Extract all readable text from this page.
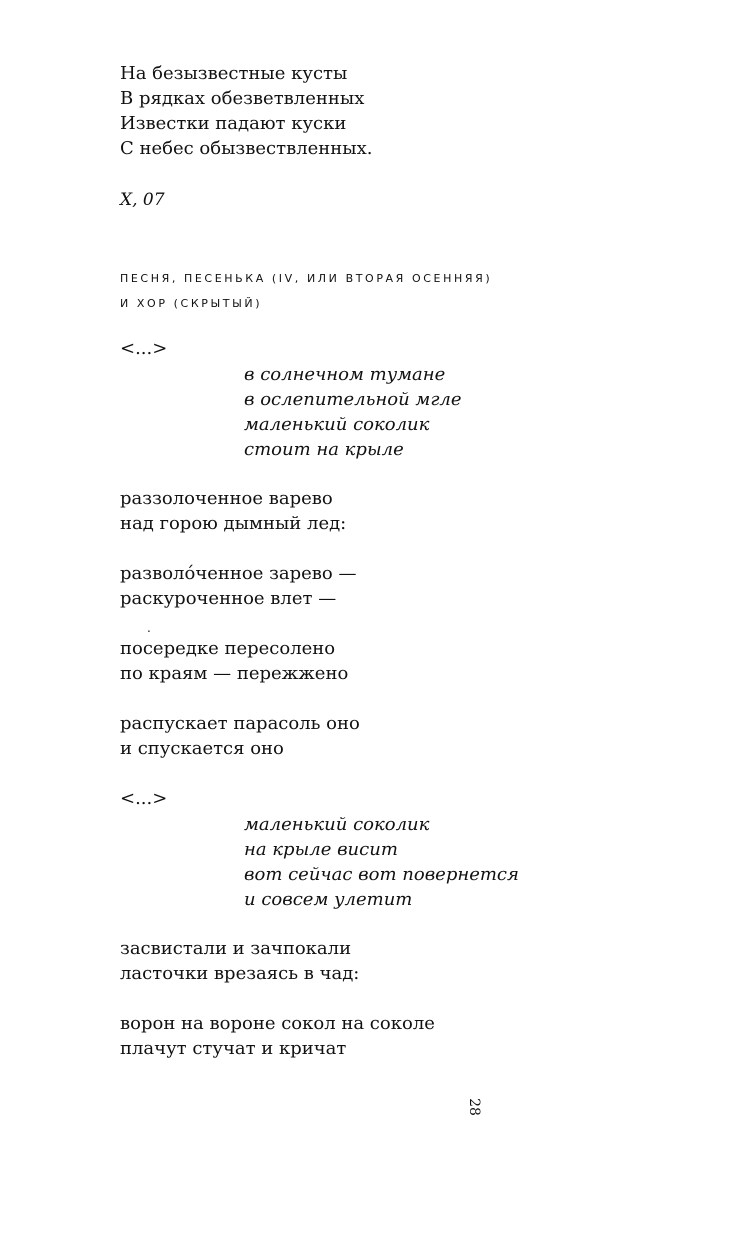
На безызвестные кусты
В рядках обезветвленных
Известки падают куски
С небес обызвествленных.
X, 07
ПЕСНЯ, ПЕСЕНЬКА (IV, ИЛИ ВТОРАЯ ОСЕННЯЯ)
И ХОР (СКРЫТЫЙ)
<...>
в солнечном тумане
в ослепительной мгле
маленький соколик
стоит на крыле
раззолоченное варево
над горою дымный лед:
разволо́ченное зарево —
раскуроченное влет —
.
посередке пересолено
по краям — пережжено
распускает парасоль оно
и спускается оно
<...>
маленький соколик
на крыле висит
вот сейчас вот повернется
и совсем улетит
засвистали и зачпокали
ласточки врезаясь в чад:
ворон на вороне сокол на соколе
плачут стучат и кричат
28
